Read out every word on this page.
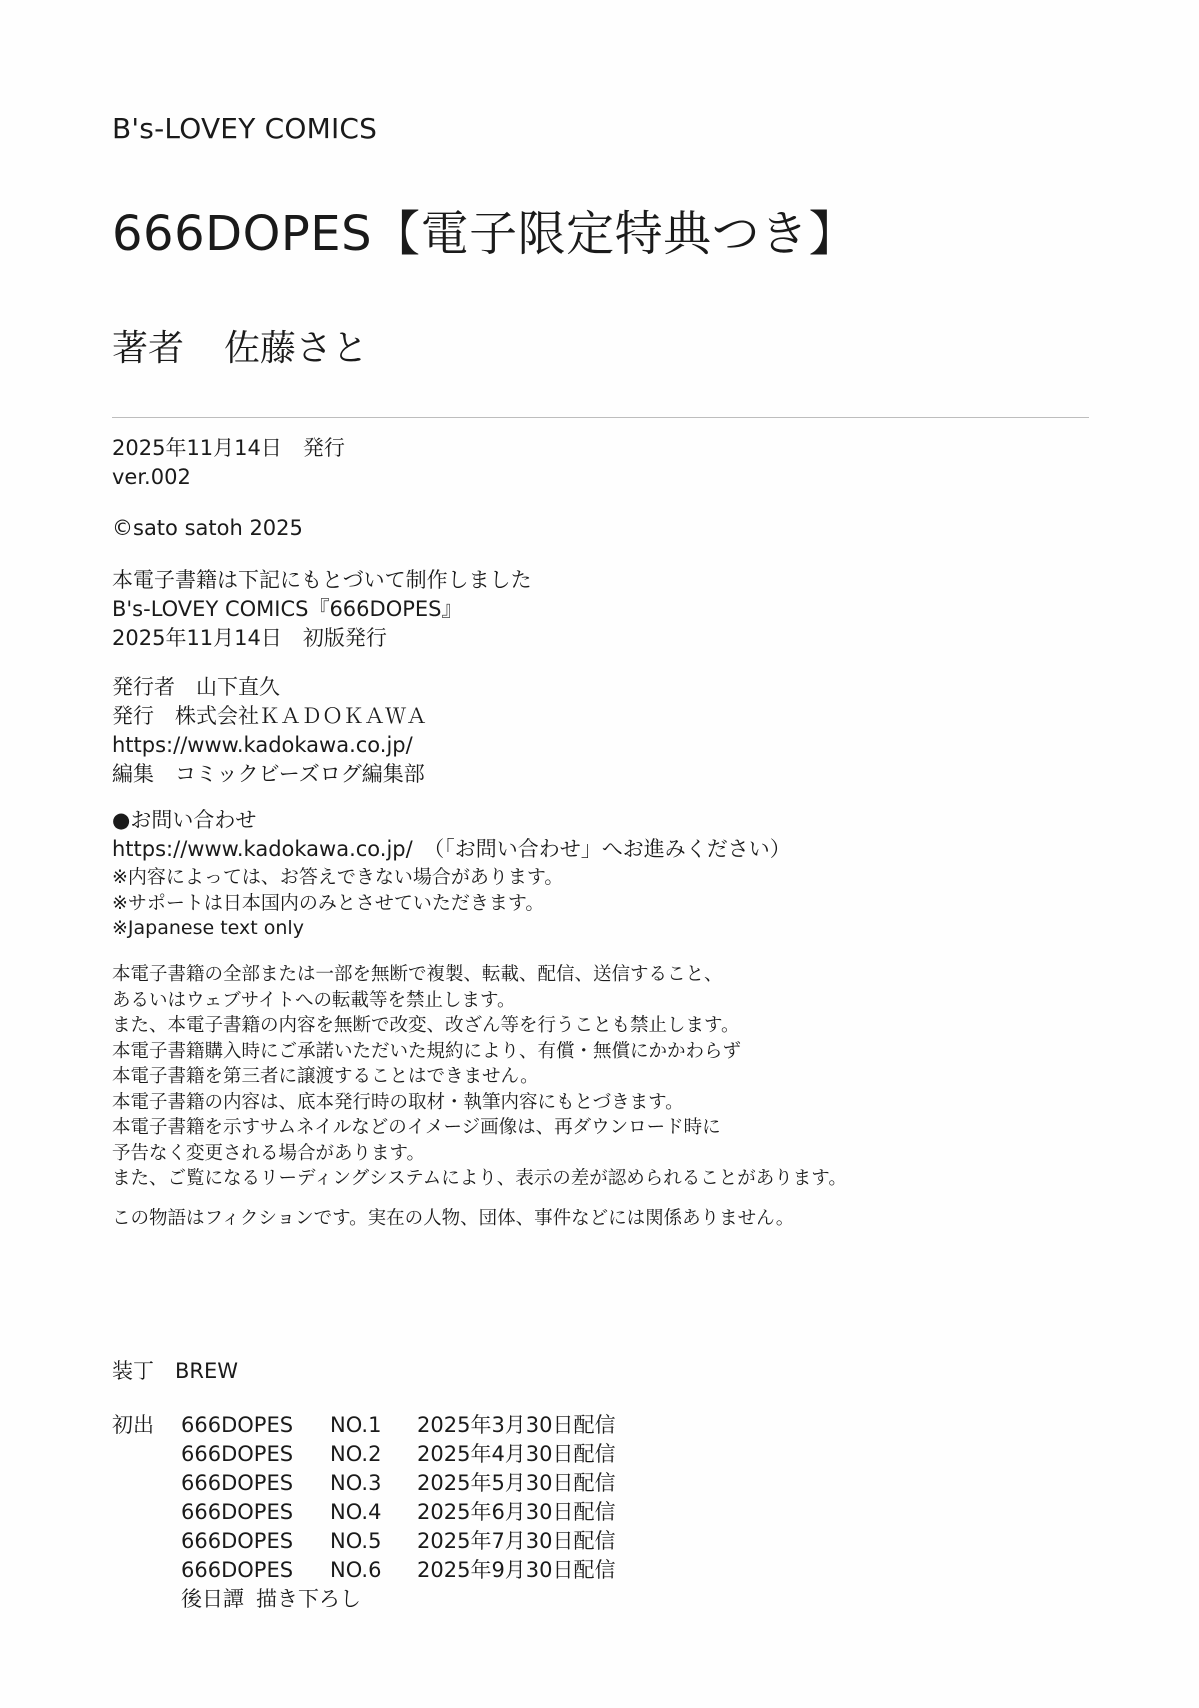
B's-LOVEY COMICS
666DOPES【電子限定特典つき】
著者 佐藤さと
2025年11月14日　発行
ver.002
©sato satoh 2025
本電子書籍は下記にもとづいて制作しました
B's-LOVEY COMICS『666DOPES』
2025年11月14日　初版発行
発行者　山下直久
発行　株式会社ＫＡＤＯＫＡＷＡ
https://www.kadokawa.co.jp/
編集　コミックビーズログ編集部
●お問い合わせ
https://www.kadokawa.co.jp/　（「お問い合わせ」へお進みください）
※内容によっては、お答えできない場合があります。
※サポートは日本国内のみとさせていただきます。
※Japanese text only
本電子書籍の全部または一部を無断で複製、転載、配信、送信すること、
あるいはウェブサイトへの転載等を禁止します。
また、本電子書籍の内容を無断で改変、改ざん等を行うことも禁止します。
本電子書籍購入時にご承諾いただいた規約により、有償・無償にかかわらず
本電子書籍を第三者に譲渡することはできません。
本電子書籍の内容は、底本発行時の取材・執筆内容にもとづきます。
本電子書籍を示すサムネイルなどのイメージ画像は、再ダウンロード時に
予告なく変更される場合があります。
また、ご覧になるリーディングシステムにより、表示の差が認められることがあります。
この物語はフィクションです。実在の人物、団体、事件などには関係ありません。
装丁　BREW
初出 666DOPES NO.1 2025年3月30日配信
666DOPES NO.2 2025年4月30日配信
666DOPES NO.3 2025年5月30日配信
666DOPES NO.4 2025年6月30日配信
666DOPES NO.5 2025年7月30日配信
666DOPES NO.6 2025年9月30日配信
後日譚 描き下ろし
